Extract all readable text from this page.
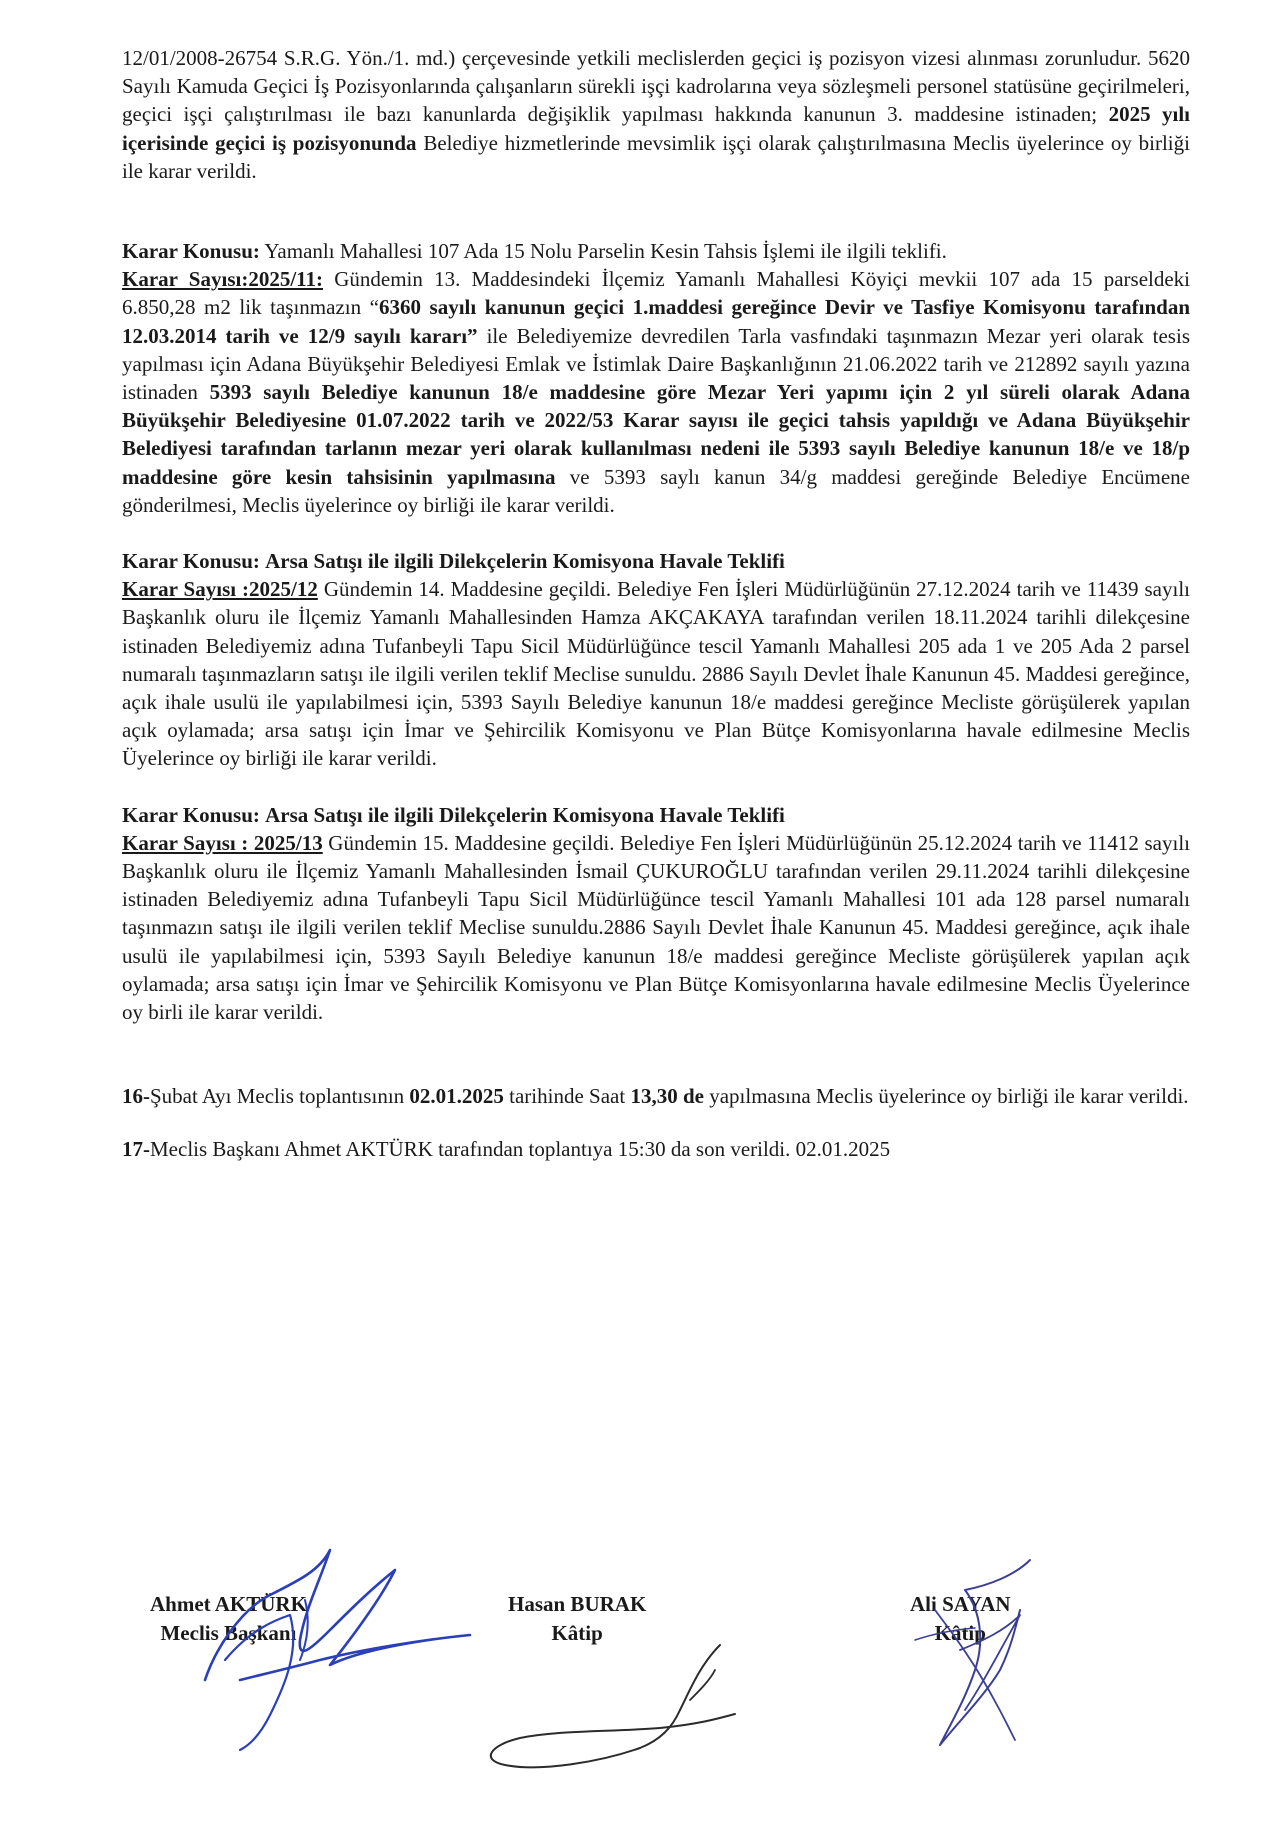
12/01/2008-26754 S.R.G. Yön./1. md.) çerçevesinde yetkili meclislerden geçici iş pozisyon vizesi alınması zorunludur. 5620 Sayılı Kamuda Geçici İş Pozisyonlarında çalışanların sürekli işçi kadrolarına veya sözleşmeli personel statüsüne geçirilmeleri, geçici işçi çalıştırılması ile bazı kanunlarda değişiklik yapılması hakkında kanunun 3. maddesine istinaden; 2025 yılı içerisinde geçici iş pozisyonunda Belediye hizmetlerinde mevsimlik işçi olarak çalıştırılmasına Meclis üyelerince oy birliği ile karar verildi.

Karar Konusu: Yamanlı Mahallesi 107 Ada 15 Nolu Parselin Kesin Tahsis İşlemi ile ilgili teklifi.

Karar Sayısı:2025/11: Gündemin 13. Maddesindeki İlçemiz Yamanlı Mahallesi Köyiçi mevkii 107 ada 15 parseldeki 6.850,28 m2 lik taşınmazın “6360 sayılı kanunun geçici 1.maddesi gereğince Devir ve Tasfiye Komisyonu tarafından 12.03.2014 tarih ve 12/9 sayılı kararı” ile Belediyemize devredilen Tarla vasfındaki taşınmazın Mezar yeri olarak tesis yapılması için Adana Büyükşehir Belediyesi Emlak ve İstimlak Daire Başkanlığının 21.06.2022 tarih ve 212892 sayılı yazına istinaden 5393 sayılı Belediye kanunun 18/e maddesine göre Mezar Yeri yapımı için 2 yıl süreli olarak Adana Büyükşehir Belediyesine 01.07.2022 tarih ve 2022/53 Karar sayısı ile geçici tahsis yapıldığı ve Adana Büyükşehir Belediyesi tarafından tarlanın mezar yeri olarak kullanılması nedeni ile 5393 sayılı Belediye kanunun 18/e ve 18/p maddesine göre kesin tahsisinin yapılmasına ve 5393 saylı kanun 34/g maddesi gereğinde Belediye Encümene gönderilmesi, Meclis üyelerince oy birliği ile karar verildi.

Karar Konusu: Arsa Satışı ile ilgili Dilekçelerin Komisyona Havale Teklifi

Karar Sayısı :2025/12 Gündemin 14. Maddesine geçildi. Belediye Fen İşleri Müdürlüğünün 27.12.2024 tarih ve 11439 sayılı Başkanlık oluru ile İlçemiz Yamanlı Mahallesinden Hamza AKÇAKAYA tarafından verilen 18.11.2024 tarihli dilekçesine istinaden Belediyemiz adına Tufanbeyli Tapu Sicil Müdürlüğünce tescil Yamanlı Mahallesi 205 ada 1 ve 205 Ada 2 parsel numaralı taşınmazların satışı ile ilgili verilen teklif Meclise sunuldu. 2886 Sayılı Devlet İhale Kanunun 45. Maddesi gereğince, açık ihale usulü ile yapılabilmesi için, 5393 Sayılı Belediye kanunun 18/e maddesi gereğince Mecliste görüşülerek yapılan açık oylamada; arsa satışı için İmar ve Şehircilik Komisyonu ve Plan Bütçe Komisyonlarına havale edilmesine Meclis Üyelerince oy birliği ile karar verildi.

Karar Konusu: Arsa Satışı ile ilgili Dilekçelerin Komisyona Havale Teklifi

Karar Sayısı : 2025/13 Gündemin 15. Maddesine geçildi. Belediye Fen İşleri Müdürlüğünün 25.12.2024 tarih ve 11412 sayılı Başkanlık oluru ile İlçemiz Yamanlı Mahallesinden İsmail ÇUKUROĞLU tarafından verilen 29.11.2024 tarihli dilekçesine istinaden Belediyemiz adına Tufanbeyli Tapu Sicil Müdürlüğünce tescil Yamanlı Mahallesi 101 ada 128 parsel numaralı taşınmazın satışı ile ilgili verilen teklif Meclise sunuldu.2886 Sayılı Devlet İhale Kanunun 45. Maddesi gereğince, açık ihale usulü ile yapılabilmesi için, 5393 Sayılı Belediye kanunun 18/e maddesi gereğince Mecliste görüşülerek yapılan açık oylamada; arsa satışı için İmar ve Şehircilik Komisyonu ve Plan Bütçe Komisyonlarına havale edilmesine Meclis Üyelerince oy birli ile karar verildi.

16-Şubat Ayı Meclis toplantısının 02.01.2025 tarihinde Saat 13,30 de yapılmasına Meclis üyelerince oy birliği ile karar verildi.

17-Meclis Başkanı Ahmet AKTÜRK tarafından toplantıya 15:30 da son verildi. 02.01.2025

Ahmet AKTÜRK
Meclis Başkanı
Hasan BURAK
Kâtip
Ali SAYAN
Kâtip
